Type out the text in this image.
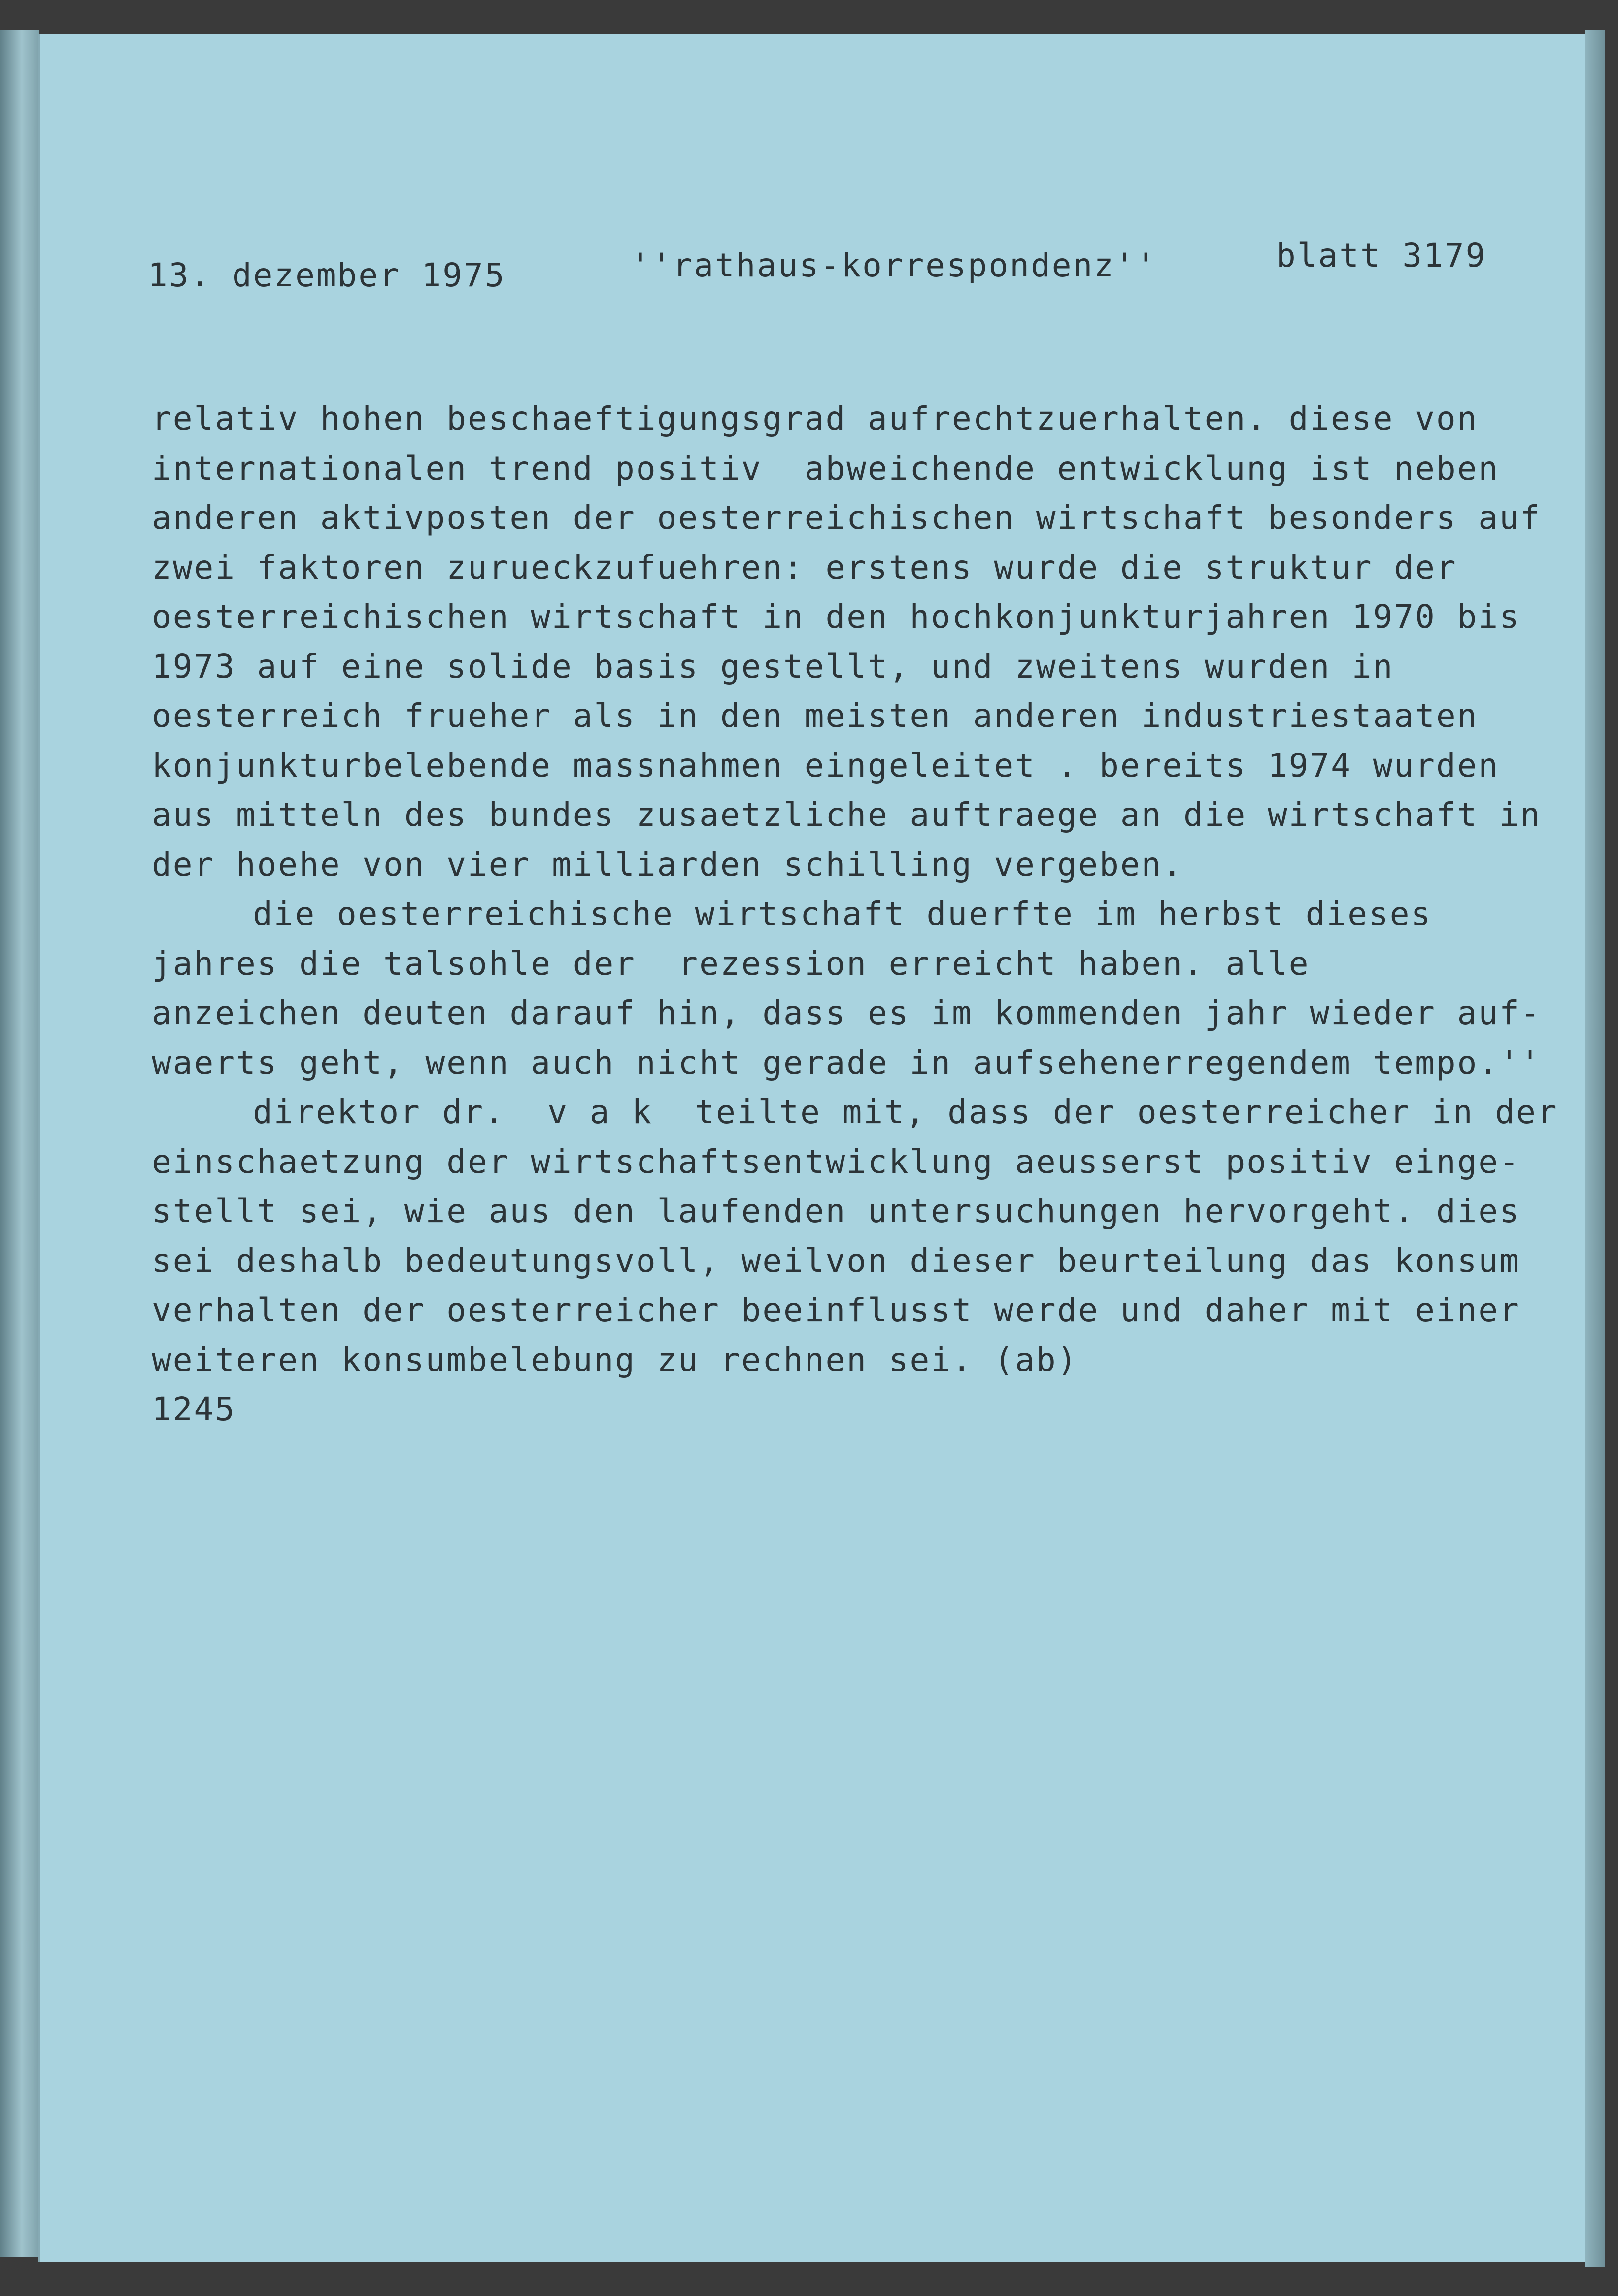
13. dezember 1975	''rathaus-korrespondenz''	blatt 3179
relativ hohen beschaeftigungsgrad aufrechtzuerhalten. diese von
internationalen trend positiv  abweichende entwicklung ist neben
anderen aktivposten der oesterreichischen wirtschaft besonders auf
zwei faktoren zurueckzufuehren: erstens wurde die struktur der
oesterreichischen wirtschaft in den hochkonjunkturjahren 1970 bis
1973 auf eine solide basis gestellt, und zweitens wurden in
oesterreich frueher als in den meisten anderen industriestaaten
konjunkturbelebende massnahmen eingeleitet . bereits 1974 wurden
aus mitteln des bundes zusaetzliche auftraege an die wirtschaft in
der hoehe von vier milliarden schilling vergeben.
die oesterreichische wirtschaft duerfte im herbst dieses
jahres die talsohle der  rezession erreicht haben. alle
anzeichen deuten darauf hin, dass es im kommenden jahr wieder auf-
waerts geht, wenn auch nicht gerade in aufsehenerregendem tempo.''
direktor dr.  v a k  teilte mit, dass der oesterreicher in der
einschaetzung der wirtschaftsentwicklung aeusserst positiv einge-
stellt sei, wie aus den laufenden untersuchungen hervorgeht. dies
sei deshalb bedeutungsvoll, weilvon dieser beurteilung das konsum
verhalten der oesterreicher beeinflusst werde und daher mit einer
weiteren konsumbelebung zu rechnen sei. (ab)
1245
